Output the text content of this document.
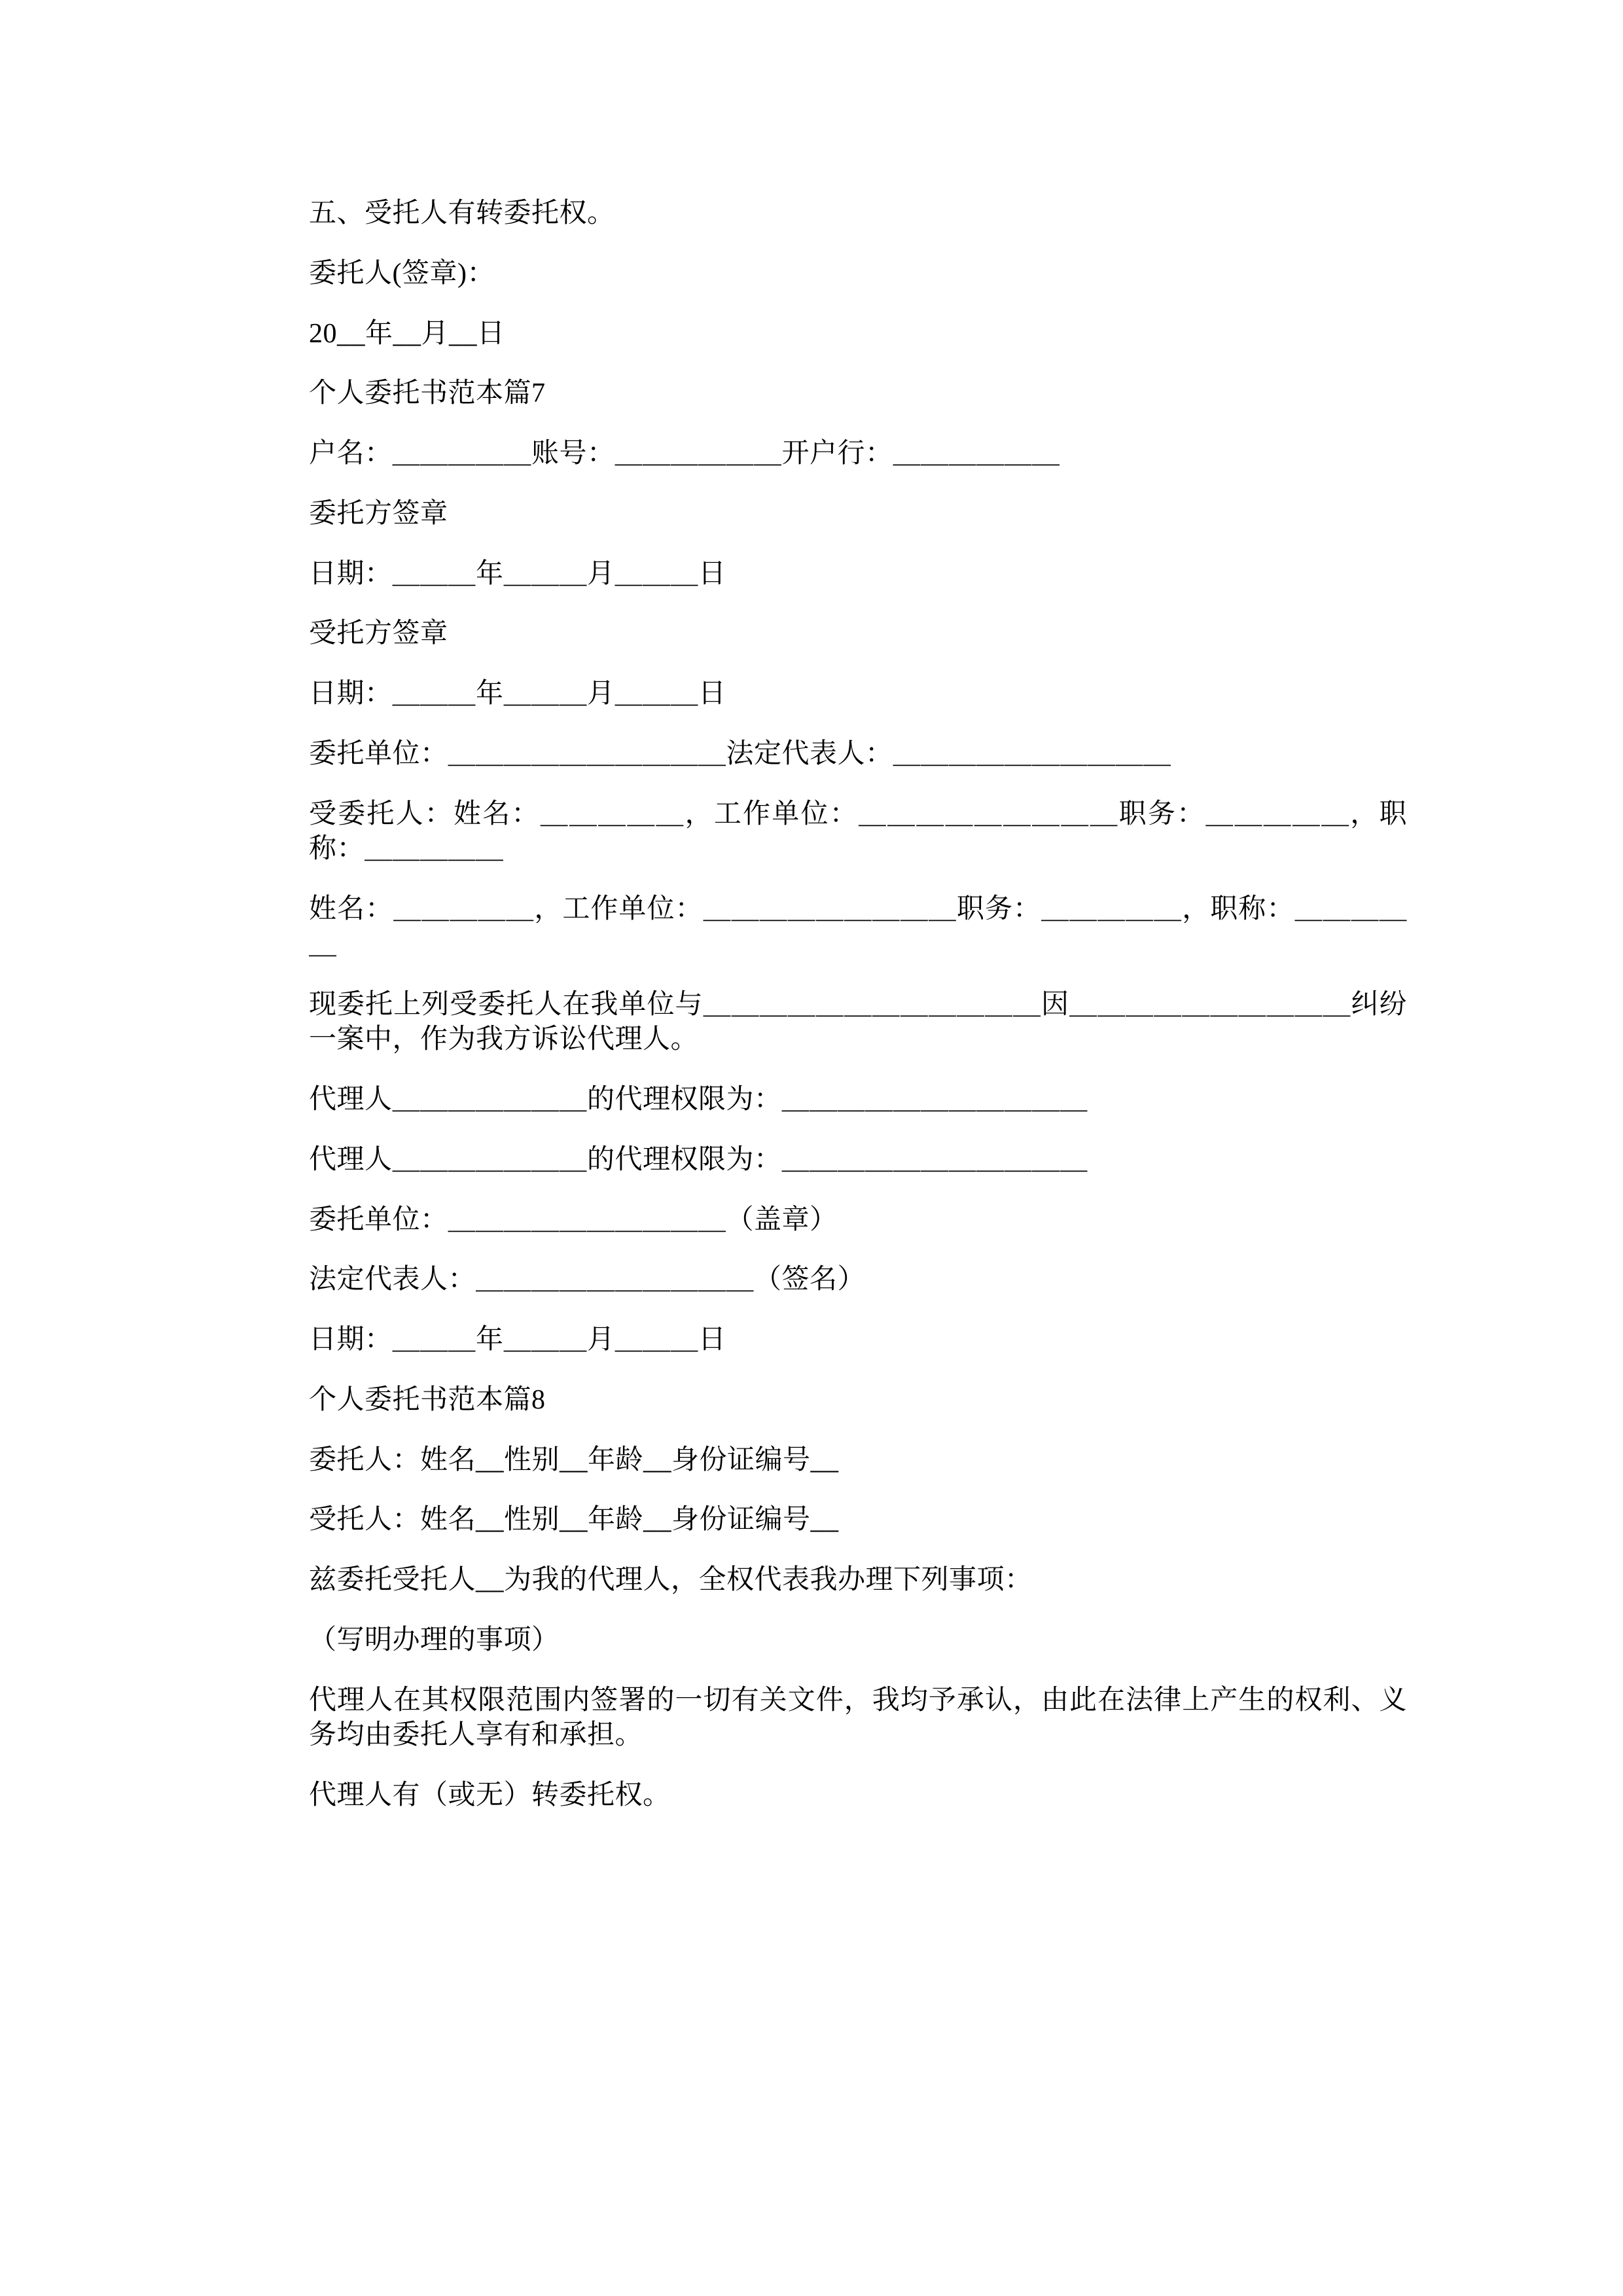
五、受托人有转委托权。

委托人(签章)：

20__年__月__日

个人委托书范本篇7

户名：＿＿＿＿＿账号：＿＿＿＿＿＿开户行：＿＿＿＿＿＿

委托方签章

日期：＿＿＿年＿＿＿月＿＿＿日

受托方签章

日期：＿＿＿年＿＿＿月＿＿＿日

委托单位：＿＿＿＿＿＿＿＿＿＿法定代表人：＿＿＿＿＿＿＿＿＿＿

受委托人：姓名：＿＿＿＿＿，工作单位：＿＿＿＿＿＿＿＿＿职务：＿＿＿＿＿，职称：＿＿＿＿＿

姓名：＿＿＿＿＿，工作单位：＿＿＿＿＿＿＿＿＿职务：＿＿＿＿＿，职称：＿＿＿＿＿

现委托上列受委托人在我单位与＿＿＿＿＿＿＿＿＿＿＿＿因＿＿＿＿＿＿＿＿＿＿纠纷一案中，作为我方诉讼代理人。

代理人＿＿＿＿＿＿＿的代理权限为：＿＿＿＿＿＿＿＿＿＿＿

代理人＿＿＿＿＿＿＿的代理权限为：＿＿＿＿＿＿＿＿＿＿＿

委托单位：＿＿＿＿＿＿＿＿＿＿（盖章）

法定代表人：＿＿＿＿＿＿＿＿＿＿（签名）

日期：＿＿＿年＿＿＿月＿＿＿日

个人委托书范本篇8

委托人：姓名__性别__年龄__身份证编号__

受托人：姓名__性别__年龄__身份证编号__

兹委托受托人__为我的代理人，全权代表我办理下列事项：

（写明办理的事项）

代理人在其权限范围内签署的一切有关文件，我均予承认，由此在法律上产生的权利、义务均由委托人享有和承担。

代理人有（或无）转委托权。
